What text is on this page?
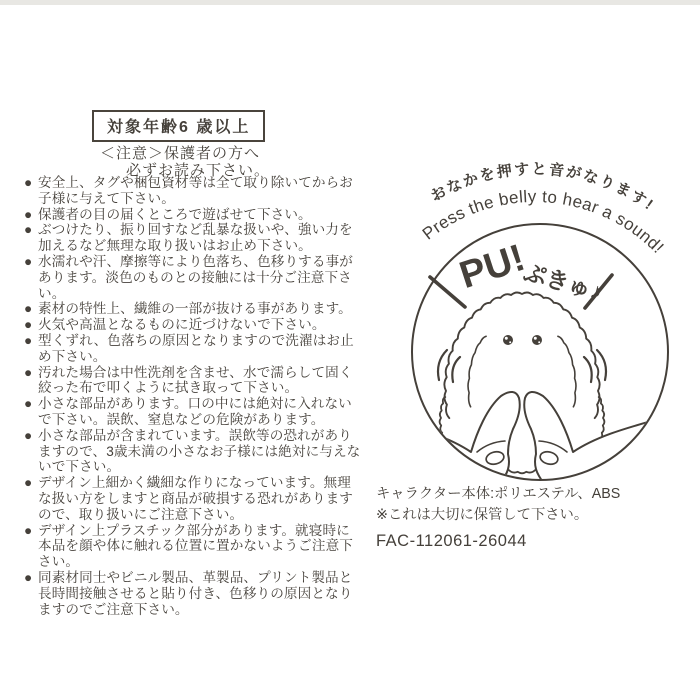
対象年齢6 歳以上
＜注意＞保護者の方へ
必ずお読み下さい。
● 安全上、タグや梱包資材等は全て取り除いてからお子様に与えて下さい。
● 保護者の目の届くところで遊ばせて下さい。
● ぶつけたり、振り回すなど乱暴な扱いや、強い力を加えるなど無理な取り扱いはお止め下さい。
● 水濡れや汗、摩擦等により色落ち、色移りする事があります。淡色のものとの接触には十分ご注意下さい。
● 素材の特性上、繊維の一部が抜ける事があります。
● 火気や高温となるものに近づけないで下さい。
● 型くずれ、色落ちの原因となりますので洗濯はお止め下さい。
● 汚れた場合は中性洗剤を含ませ、水で濡らして固く絞った布で叩くように拭き取って下さい。
● 小さな部品があります。口の中には絶対に入れないで下さい。誤飲、窒息などの危険があります。
● 小さな部品が含まれています。誤飲等の恐れがありますので、3歳未満の小さなお子様には絶対に与えないで下さい。
● デザイン上細かく繊細な作りになっています。無理な扱い方をしますと商品が破損する恐れがありますので、取り扱いにご注意下さい。
● デザイン上プラスチック部分があります。就寝時に本品を顔や体に触れる位置に置かないようご注意下さい。
● 同素材同士やビニル製品、革製品、プリント製品と長時間接触させると貼り付き、色移りの原因となりますのでご注意下さい。
おなかを押すと音がなります!
Press the belly to hear a sound!
PU!
ぷきゅ♪
キャラクター本体:ポリエステル、ABS
※これは大切に保管して下さい。
FAC-112061-26044
